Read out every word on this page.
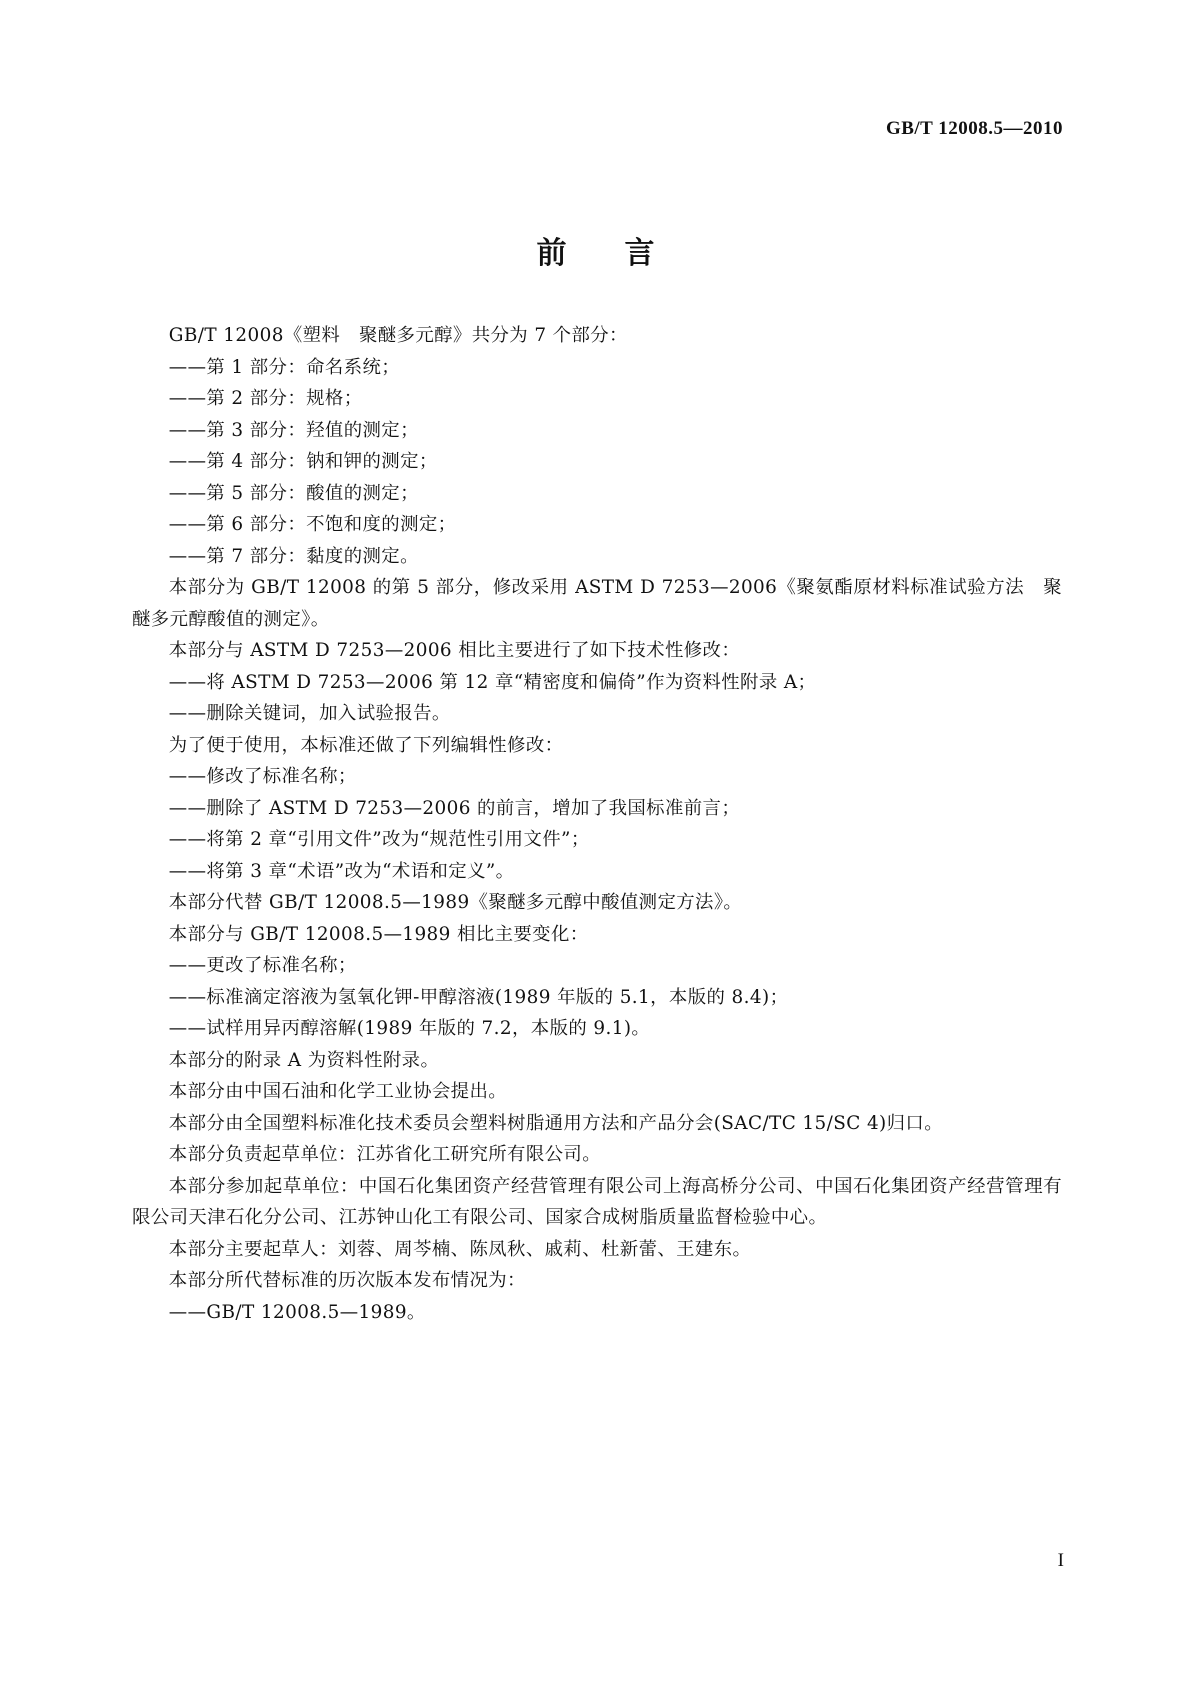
GB/T 12008.5—2010
前言

GB/T 12008《塑料　聚醚多元醇》共分为 7 个部分：

——第 1 部分：命名系统；

——第 2 部分：规格；

——第 3 部分：羟值的测定；

——第 4 部分：钠和钾的测定；

——第 5 部分：酸值的测定；

——第 6 部分：不饱和度的测定；

——第 7 部分：黏度的测定。

本部分为 GB/T 12008 的第 5 部分，修改采用 ASTM D 7253—2006《聚氨酯原材料标准试验方法　聚醚多元醇酸值的测定》。

本部分与 ASTM D 7253—2006 相比主要进行了如下技术性修改：

——将 ASTM D 7253—2006 第 12 章“精密度和偏倚”作为资料性附录 A；

——删除关键词，加入试验报告。

为了便于使用，本标准还做了下列编辑性修改：

——修改了标准名称；

——删除了 ASTM D 7253—2006 的前言，增加了我国标准前言；

——将第 2 章“引用文件”改为“规范性引用文件”；

——将第 3 章“术语”改为“术语和定义”。

本部分代替 GB/T 12008.5—1989《聚醚多元醇中酸值测定方法》。

本部分与 GB/T 12008.5—1989 相比主要变化：

——更改了标准名称；

——标准滴定溶液为氢氧化钾-甲醇溶液(1989 年版的 5.1，本版的 8.4)；

——试样用异丙醇溶解(1989 年版的 7.2，本版的 9.1)。

本部分的附录 A 为资料性附录。

本部分由中国石油和化学工业协会提出。

本部分由全国塑料标准化技术委员会塑料树脂通用方法和产品分会(SAC/TC 15/SC 4)归口。

本部分负责起草单位：江苏省化工研究所有限公司。

本部分参加起草单位：中国石化集团资产经营管理有限公司上海高桥分公司、中国石化集团资产经营管理有限公司天津石化分公司、江苏钟山化工有限公司、国家合成树脂质量监督检验中心。

本部分主要起草人：刘蓉、周芩楠、陈凤秋、戚莉、杜新蕾、王建东。

本部分所代替标准的历次版本发布情况为：

——GB/T 12008.5—1989。

I
